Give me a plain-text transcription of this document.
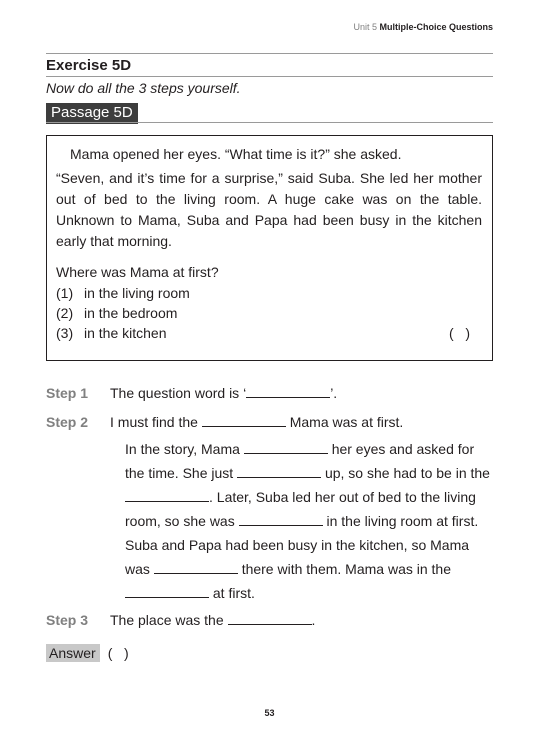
Unit 5 Multiple-Choice Questions
Exercise 5D
Now do all the 3 steps yourself.
Passage 5D

Mama opened her eyes. “What time is it?” she asked.

“Seven, and it’s time for a surprise,” said Suba. She led her mother out of bed to the living room. A huge cake was on the table. Unknown to Mama, Suba and Papa had been busy in the kitchen early that morning.

Where was Mama at first?

(1) in the living room
(2) in the bedroom
(3) in the kitchen	(   )
Step 1 The question word is ‘	’.
Step 2 I must find the	Mama was at first.
In the story, Mama	her eyes and asked for the time. She just	up, so she had to be in the . Later, Suba led her out of bed to the living room, so she was	in the living room at first. Suba and Papa had been busy in the kitchen, so Mama was	there with them. Mama was in the  at first.
Step 3 The place was the	.
Answer (   )
53
